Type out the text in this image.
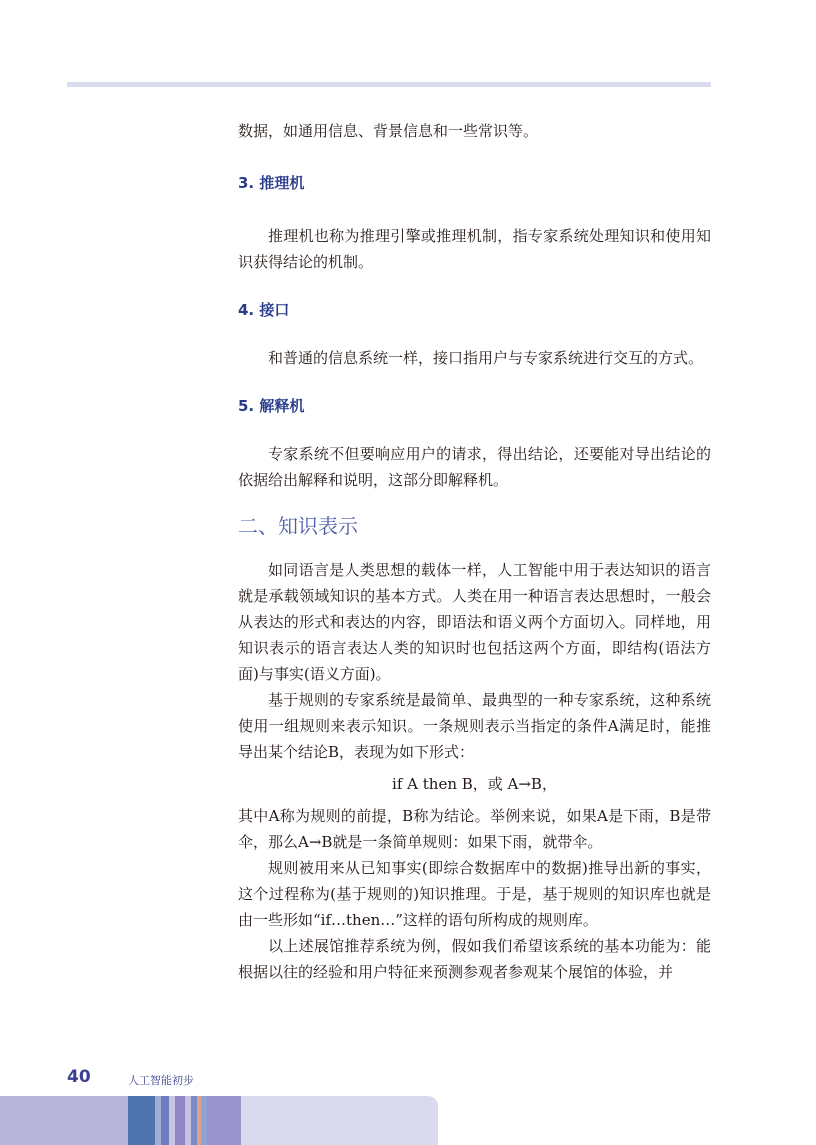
数据，如通用信息、背景信息和一些常识等。

3. 推理机

推理机也称为推理引擎或推理机制，指专家系统处理知识和使用知识获得结论的机制。

4. 接口

和普通的信息系统一样，接口指用户与专家系统进行交互的方式。

5. 解释机

专家系统不但要响应用户的请求，得出结论，还要能对导出结论的依据给出解释和说明，这部分即解释机。

二、知识表示

如同语言是人类思想的载体一样，人工智能中用于表达知识的语言就是承载领域知识的基本方式。人类在用一种语言表达思想时，一般会从表达的形式和表达的内容，即语法和语义两个方面切入。同样地，用知识表示的语言表达人类的知识时也包括这两个方面，即结构(语法方面)与事实(语义方面)。

基于规则的专家系统是最简单、最典型的一种专家系统，这种系统使用一组规则来表示知识。一条规则表示当指定的条件A满足时，能推导出某个结论B，表现为如下形式：

if A then B，或 A→B，

其中A称为规则的前提，B称为结论。举例来说，如果A是下雨，B是带伞，那么A→B就是一条简单规则：如果下雨，就带伞。

规则被用来从已知事实(即综合数据库中的数据)推导出新的事实，这个过程称为(基于规则的)知识推理。于是，基于规则的知识库也就是由一些形如“if…then…”这样的语句所构成的规则库。

以上述展馆推荐系统为例，假如我们希望该系统的基本功能为：能根据以往的经验和用户特征来预测参观者参观某个展馆的体验，并

40	人工智能初步
